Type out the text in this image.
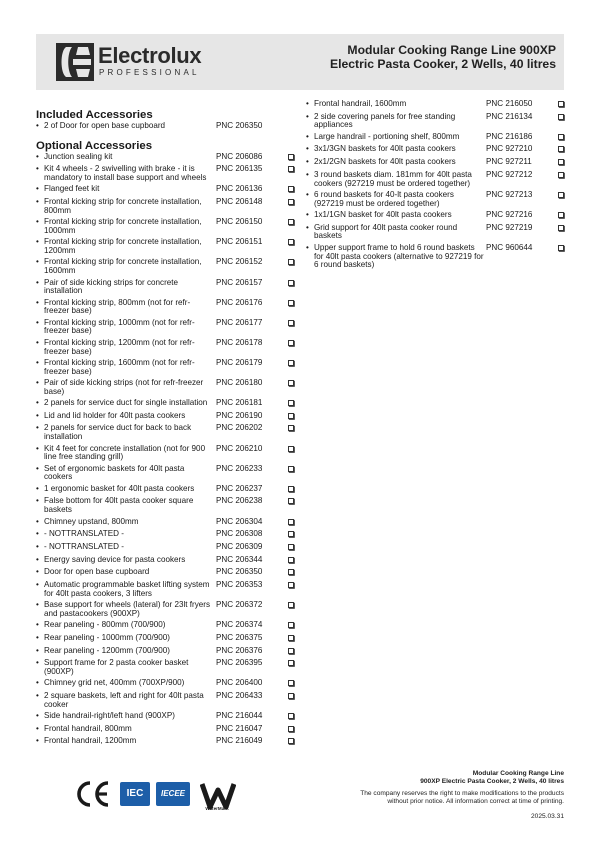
Electrolux
PROFESSIONAL
Modular Cooking Range Line 900XP Electric Pasta Cooker, 2 Wells, 40 litres
Included Accessories
• 2 of Door for open base cupboard	PNC 206350
Optional Accessories
• Junction sealing kit	PNC 206086
• Kit 4 wheels - 2 swivelling with brake - it is mandatory to install base support and wheels
PNC 206135
• Flanged feet kit	PNC 206136
• Frontal kicking strip for concrete installation, 800mm
PNC 206148
• Frontal kicking strip for concrete installation, 1000mm
PNC 206150
• Frontal kicking strip for concrete installation, 1200mm
PNC 206151
• Frontal kicking strip for concrete installation, 1600mm
PNC 206152
• Pair of side kicking strips for concrete installation
PNC 206157
• Frontal kicking strip, 800mm (not for refr-freezer base)
PNC 206176
• Frontal kicking strip, 1000mm (not for refr-freezer base)
PNC 206177
• Frontal kicking strip, 1200mm (not for refr-freezer base)
PNC 206178
• Frontal kicking strip, 1600mm (not for refr-freezer base)
PNC 206179
• Pair of side kicking strips (not for refr-freezer base)
PNC 206180
• 2 panels for service duct for single installation	PNC 206181
• Lid and lid holder for 40lt pasta cookers	PNC 206190
• 2 panels for service duct for back to back installation
PNC 206202
• Kit 4 feet for concrete installation (not for 900 line free standing grill)
PNC 206210
• Set of ergonomic baskets for 40lt pasta cookers
PNC 206233
• 1 ergonomic basket for 40lt pasta cookers	PNC 206237
• False bottom for 40lt pasta cooker square baskets
PNC 206238
• Chimney upstand, 800mm	PNC 206304
• - NOTTRANSLATED -	PNC 206308
• - NOTTRANSLATED -	PNC 206309
• Energy saving device for pasta cookers	PNC 206344
• Door for open base cupboard	PNC 206350
• Automatic programmable basket lifting system for 40lt pasta cookers, 3 lifters
PNC 206353
• Base support for wheels (lateral) for 23lt fryers and pastacookers (900XP)
PNC 206372
• Rear paneling - 800mm (700/900)	PNC 206374
• Rear paneling - 1000mm (700/900)	PNC 206375
• Rear paneling - 1200mm (700/900)	PNC 206376
• Support frame for 2 pasta cooker basket (900XP)
PNC 206395
• Chimney grid net, 400mm (700XP/900)	PNC 206400
• 2 square baskets, left and right for 40lt pasta cooker
PNC 206433
• Side handrail-right/left hand (900XP)	PNC 216044
• Frontal handrail, 800mm	PNC 216047
• Frontal handrail, 1200mm	PNC 216049
• Frontal handrail, 1600mm	PNC 216050
• 2 side covering panels for free standing appliances
PNC 216134
• Large handrail - portioning shelf, 800mm	PNC 216186
• 3x1/3GN baskets for 40lt pasta cookers	PNC 927210
• 2x1/2GN baskets for 40lt pasta cookers	PNC 927211
• 3 round baskets diam. 181mm for 40lt pasta cookers (927219 must be ordered together)
PNC 927212
• 6 round baskets for 40-lt pasta cookers (927219 must be ordered together)
PNC 927213
• 1x1/1GN basket for 40lt pasta cookers	PNC 927216
• Grid support for 40lt pasta cooker round baskets
PNC 927219
• Upper support frame to hold 6 round baskets for 40lt pasta cookers (alternative to 927219 for 6 round baskets)
PNC 960644
IEC	IECEE
WaterMark
Modular Cooking Range Line
900XP Electric Pasta Cooker, 2 Wells, 40 litres
The company reserves the right to make modifications to the products
without prior notice. All information correct at time of printing.
2025.03.31
